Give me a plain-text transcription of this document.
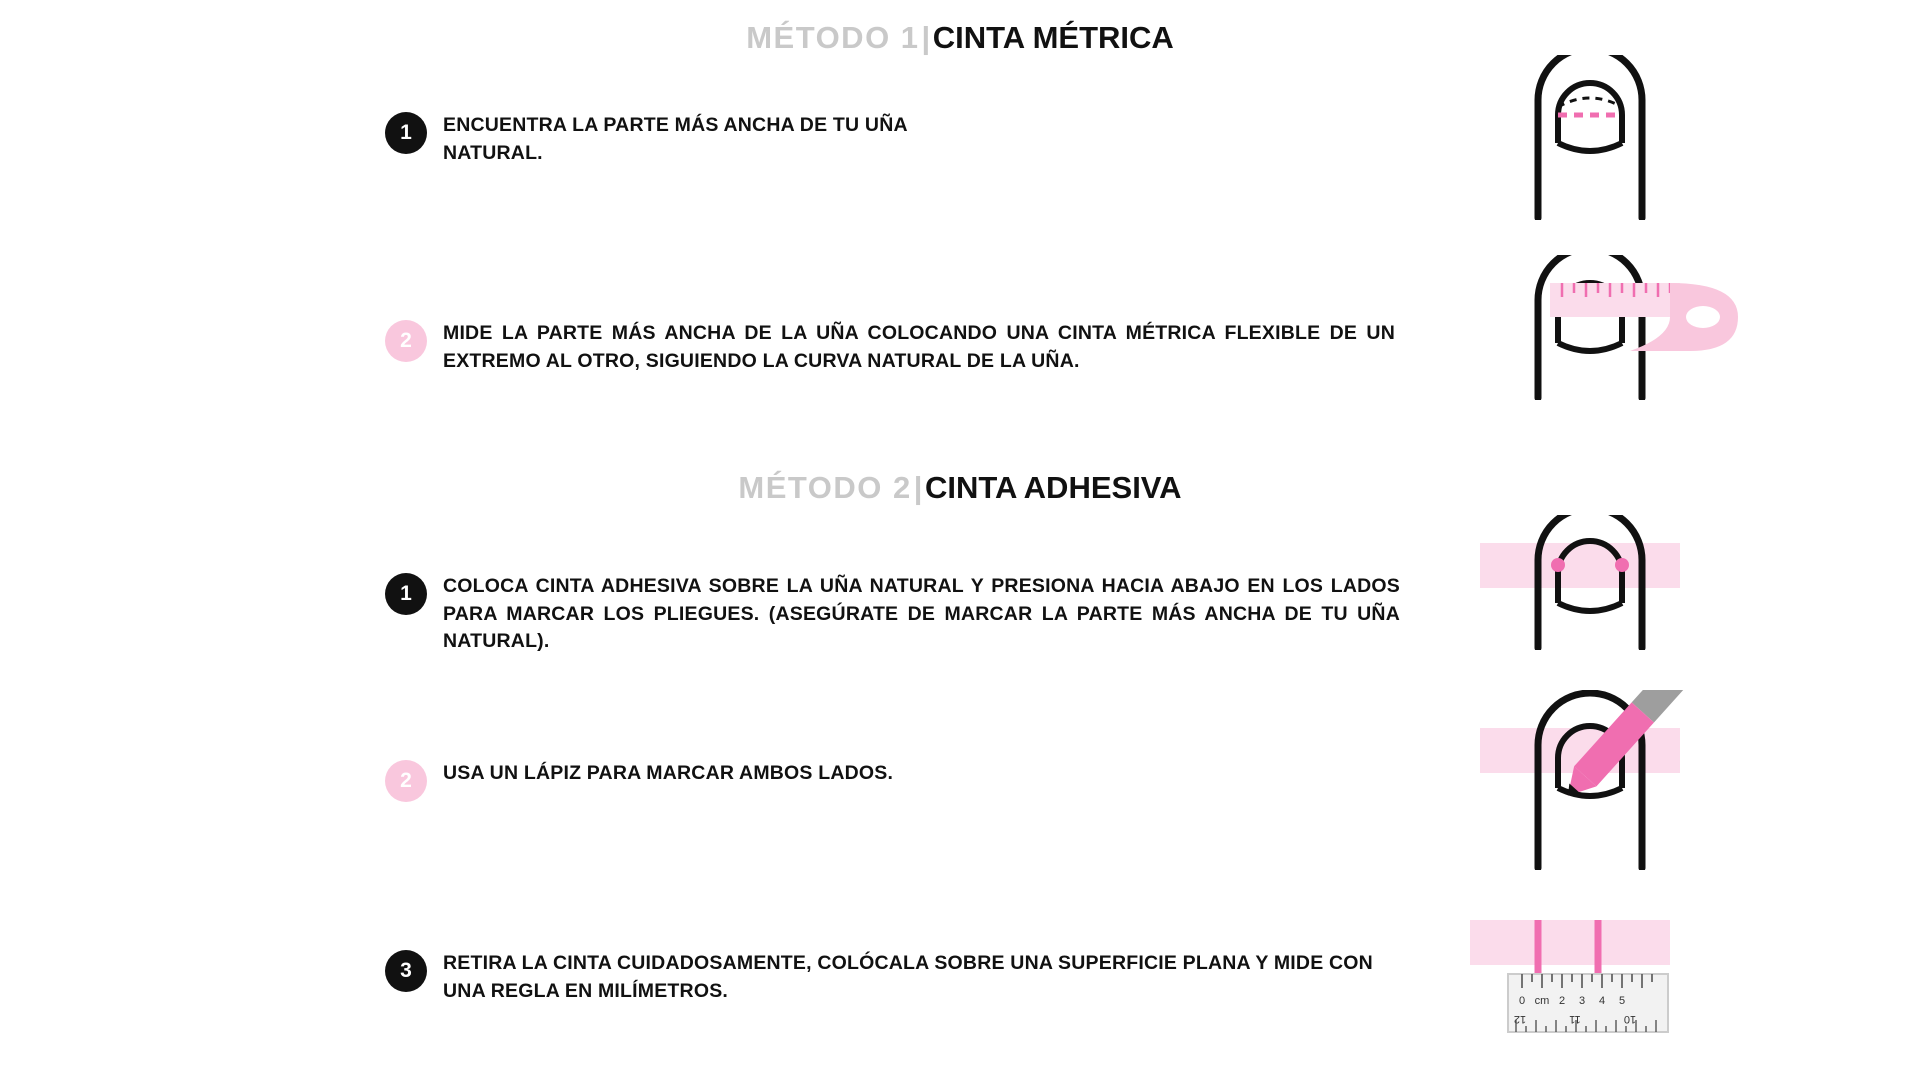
MÉTODO 1|CINTA MÉTRICA
1	ENCUENTRA LA PARTE MÁS ANCHA DE TU UÑA NATURAL.
2	MIDE LA PARTE MÁS ANCHA DE LA UÑA COLOCANDO UNA CINTA MÉTRICA FLEXIBLE DE UN EXTREMO AL OTRO, SIGUIENDO LA CURVA NATURAL DE LA UÑA.
MÉTODO 2|CINTA ADHESIVA
1	COLOCA CINTA ADHESIVA SOBRE LA UÑA NATURAL Y PRESIONA HACIA ABAJO EN LOS LADOS PARA MARCAR LOS PLIEGUES. (ASEGÚRATE DE MARCAR LA PARTE MÁS ANCHA DE TU UÑA NATURAL).
2	USA UN LÁPIZ PARA MARCAR AMBOS LADOS.
3	RETIRA LA CINTA CUIDADOSAMENTE, COLÓCALA SOBRE UNA SUPERFICIE PLANA Y MIDE CON UNA REGLA EN MILÍMETROS.	0 cm 2 3 4 5
12	11	10
